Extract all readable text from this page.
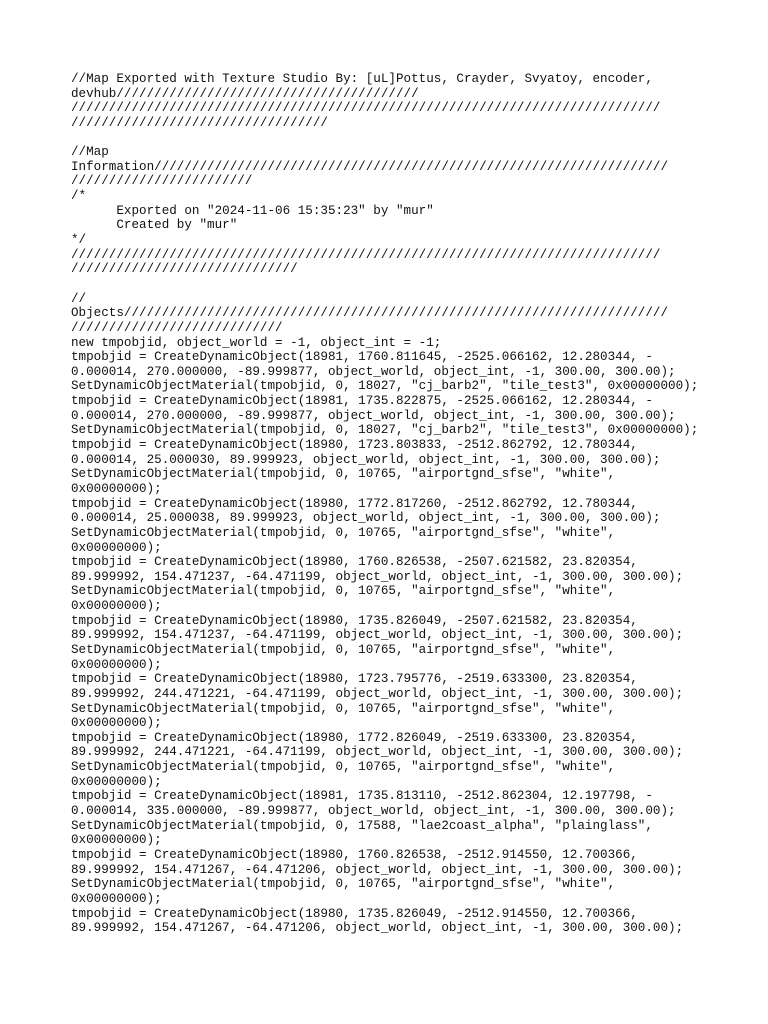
//Map Exported with Texture Studio By: [uL]Pottus, Crayder, Svyatoy, encoder,
devhub////////////////////////////////////////
//////////////////////////////////////////////////////////////////////////////
//////////////////////////////////
//Map
Information////////////////////////////////////////////////////////////////////
////////////////////////
/*
Exported on "2024-11-06 15:35:23" by "mur"
Created by "mur"
*/
//////////////////////////////////////////////////////////////////////////////
//////////////////////////////
//
Objects////////////////////////////////////////////////////////////////////////
////////////////////////////
new tmpobjid, object_world = -1, object_int = -1;
tmpobjid = CreateDynamicObject(18981, 1760.811645, -2525.066162, 12.280344, -
0.000014, 270.000000, -89.999877, object_world, object_int, -1, 300.00, 300.00);
SetDynamicObjectMaterial(tmpobjid, 0, 18027, "cj_barb2", "tile_test3", 0x00000000);
tmpobjid = CreateDynamicObject(18981, 1735.822875, -2525.066162, 12.280344, -
0.000014, 270.000000, -89.999877, object_world, object_int, -1, 300.00, 300.00);
SetDynamicObjectMaterial(tmpobjid, 0, 18027, "cj_barb2", "tile_test3", 0x00000000);
tmpobjid = CreateDynamicObject(18980, 1723.803833, -2512.862792, 12.780344,
0.000014, 25.000030, 89.999923, object_world, object_int, -1, 300.00, 300.00);
SetDynamicObjectMaterial(tmpobjid, 0, 10765, "airportgnd_sfse", "white",
0x00000000);
tmpobjid = CreateDynamicObject(18980, 1772.817260, -2512.862792, 12.780344,
0.000014, 25.000038, 89.999923, object_world, object_int, -1, 300.00, 300.00);
SetDynamicObjectMaterial(tmpobjid, 0, 10765, "airportgnd_sfse", "white",
0x00000000);
tmpobjid = CreateDynamicObject(18980, 1760.826538, -2507.621582, 23.820354,
89.999992, 154.471237, -64.471199, object_world, object_int, -1, 300.00, 300.00);
SetDynamicObjectMaterial(tmpobjid, 0, 10765, "airportgnd_sfse", "white",
0x00000000);
tmpobjid = CreateDynamicObject(18980, 1735.826049, -2507.621582, 23.820354,
89.999992, 154.471237, -64.471199, object_world, object_int, -1, 300.00, 300.00);
SetDynamicObjectMaterial(tmpobjid, 0, 10765, "airportgnd_sfse", "white",
0x00000000);
tmpobjid = CreateDynamicObject(18980, 1723.795776, -2519.633300, 23.820354,
89.999992, 244.471221, -64.471199, object_world, object_int, -1, 300.00, 300.00);
SetDynamicObjectMaterial(tmpobjid, 0, 10765, "airportgnd_sfse", "white",
0x00000000);
tmpobjid = CreateDynamicObject(18980, 1772.826049, -2519.633300, 23.820354,
89.999992, 244.471221, -64.471199, object_world, object_int, -1, 300.00, 300.00);
SetDynamicObjectMaterial(tmpobjid, 0, 10765, "airportgnd_sfse", "white",
0x00000000);
tmpobjid = CreateDynamicObject(18981, 1735.813110, -2512.862304, 12.197798, -
0.000014, 335.000000, -89.999877, object_world, object_int, -1, 300.00, 300.00);
SetDynamicObjectMaterial(tmpobjid, 0, 17588, "lae2coast_alpha", "plainglass",
0x00000000);
tmpobjid = CreateDynamicObject(18980, 1760.826538, -2512.914550, 12.700366,
89.999992, 154.471267, -64.471206, object_world, object_int, -1, 300.00, 300.00);
SetDynamicObjectMaterial(tmpobjid, 0, 10765, "airportgnd_sfse", "white",
0x00000000);
tmpobjid = CreateDynamicObject(18980, 1735.826049, -2512.914550, 12.700366,
89.999992, 154.471267, -64.471206, object_world, object_int, -1, 300.00, 300.00);
